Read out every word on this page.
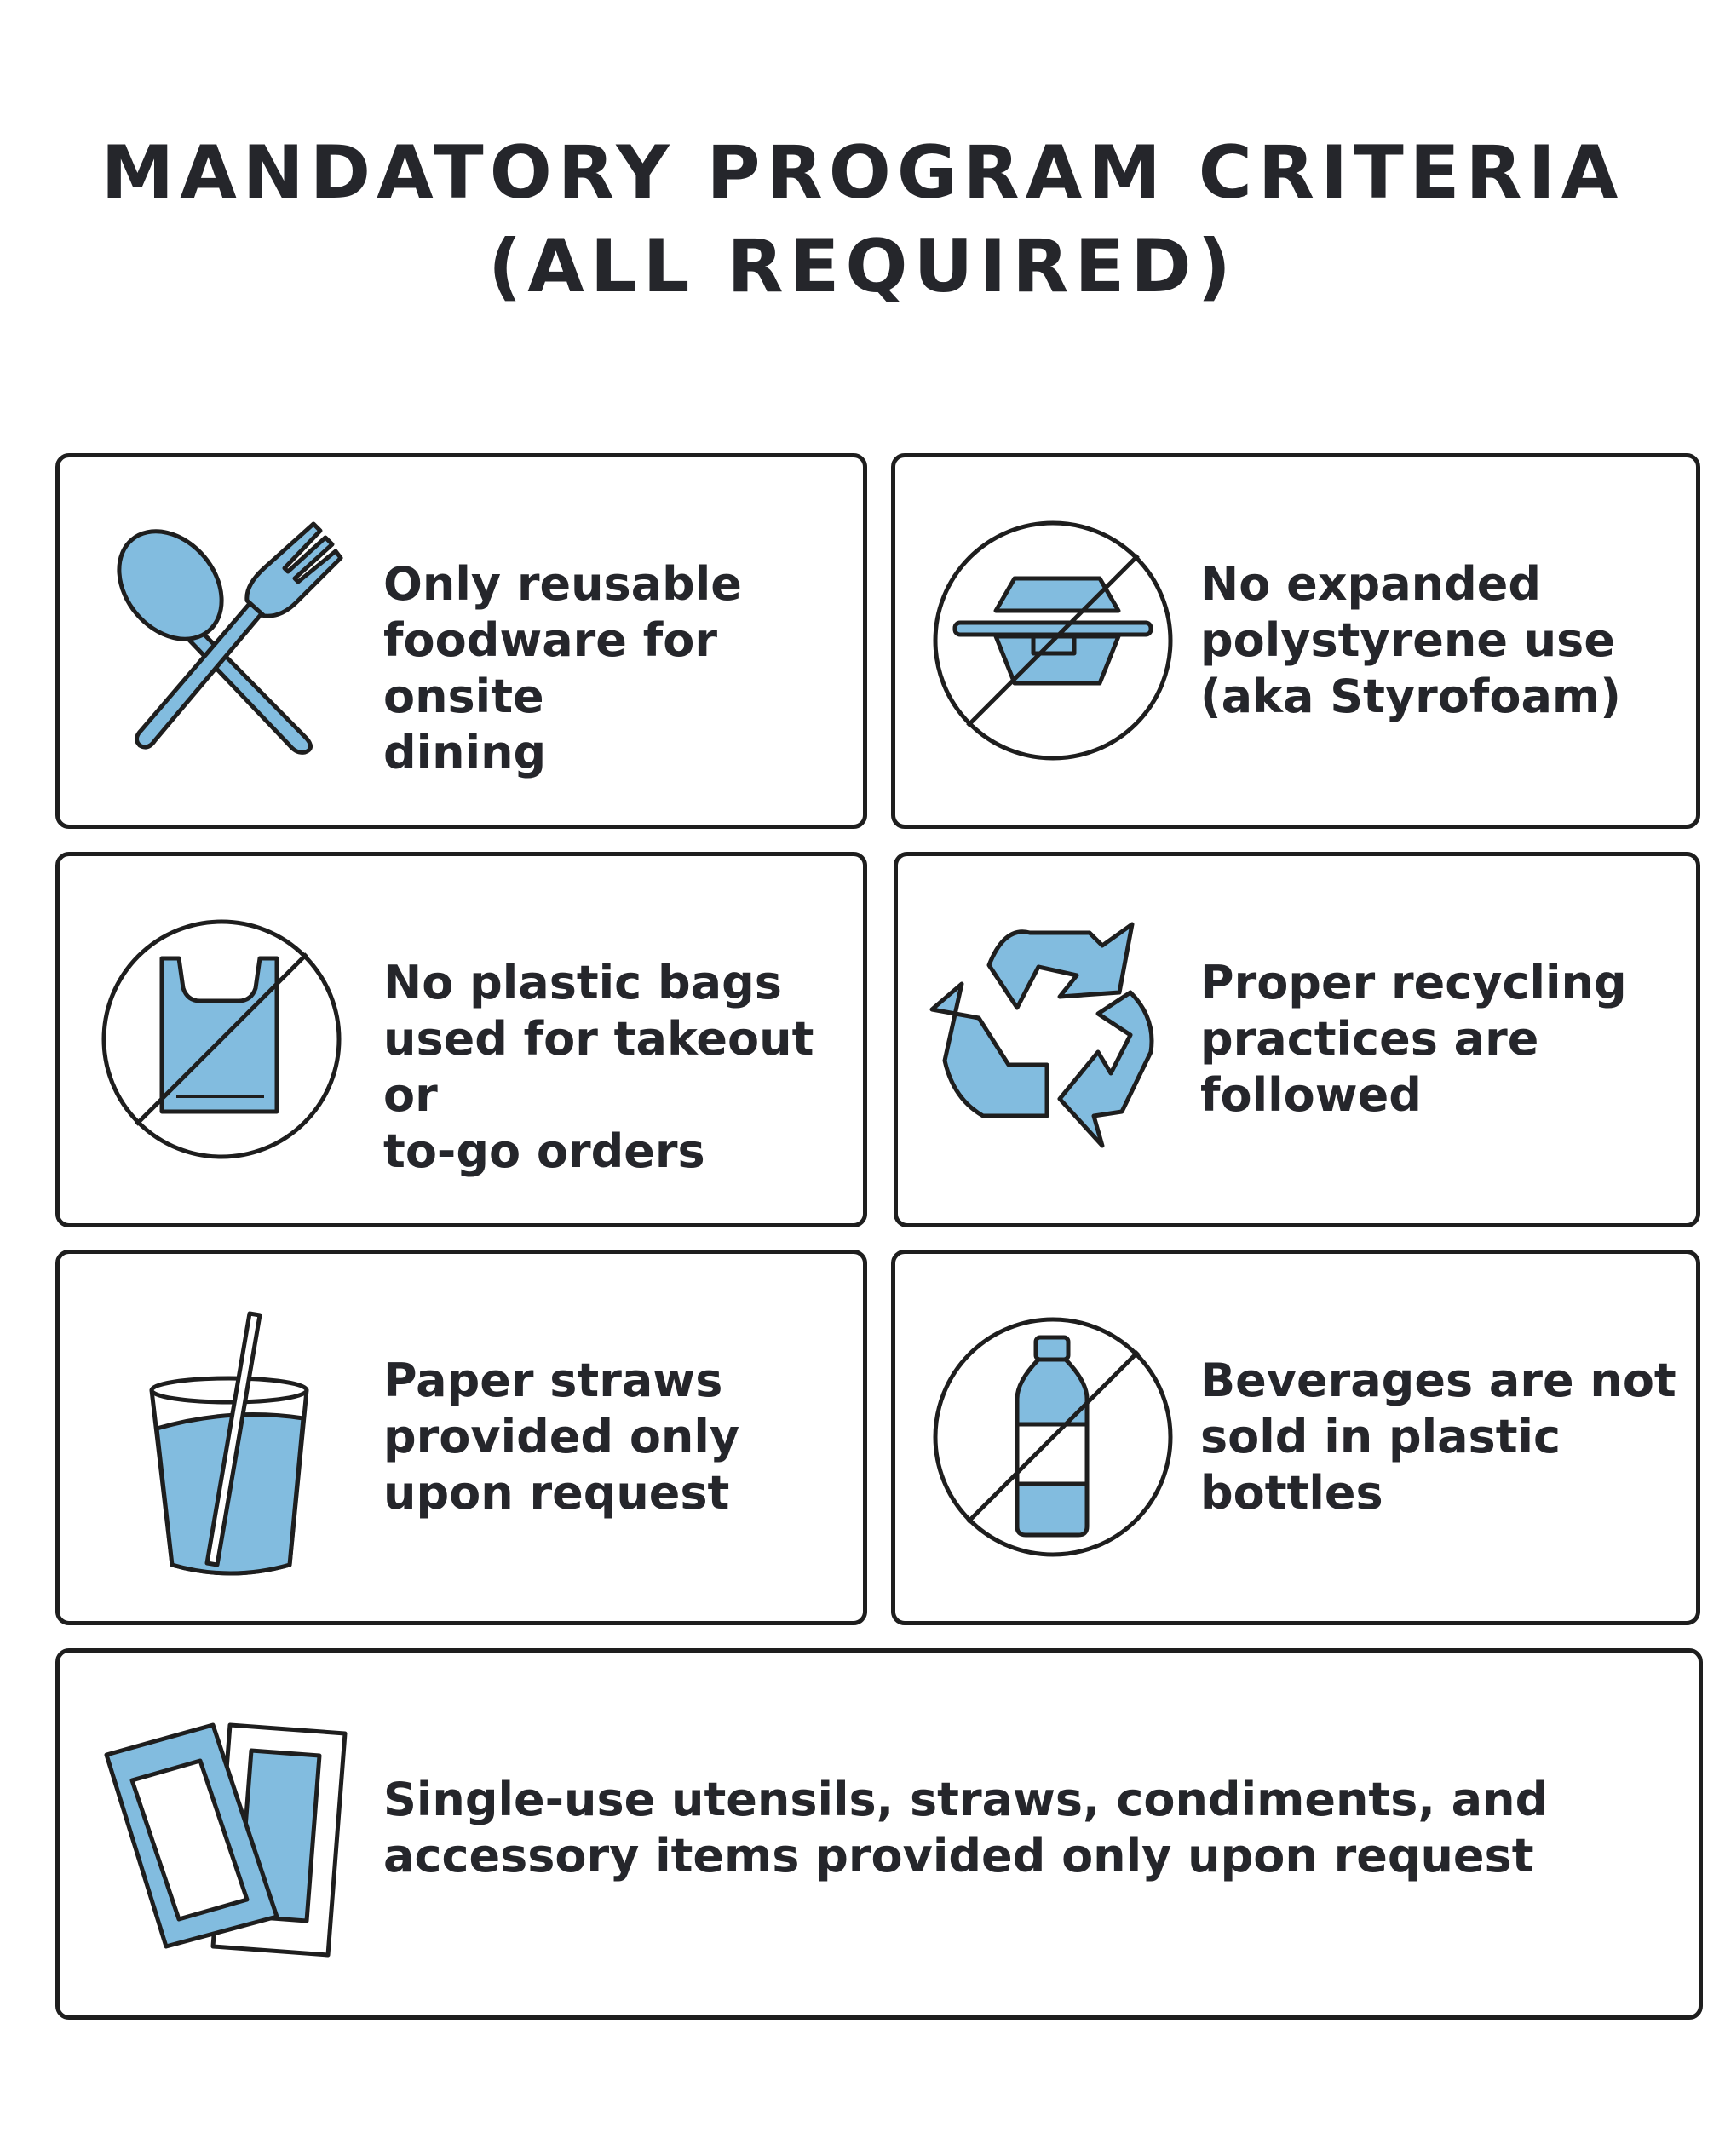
MANDATORY PROGRAM CRITERIA
(ALL REQUIRED)
Only reusable
foodware for onsite
dining
No expanded
polystyrene use
(aka Styrofoam)
No plastic bags
used for takeout or
to-go orders
Proper recycling
practices are
followed
Paper straws
provided only
upon request
Beverages are not
sold in plastic
bottles
Single-use utensils, straws, condiments, and
accessory items provided only upon request
